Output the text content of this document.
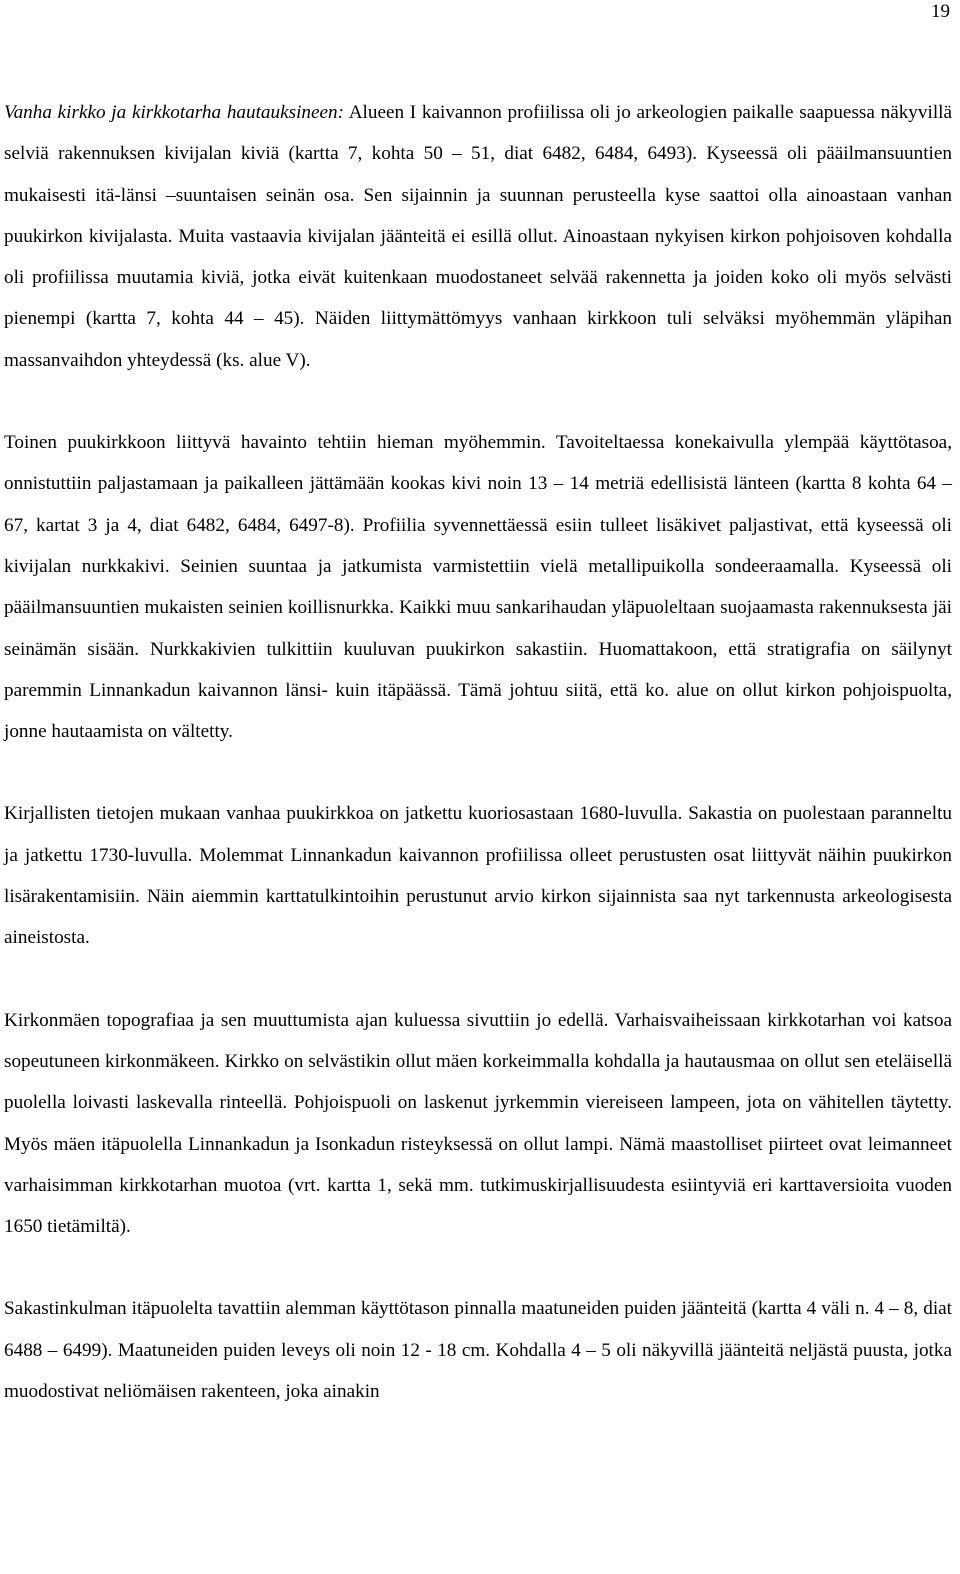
19

Vanha kirkko ja kirkkotarha hautauksineen: Alueen I kaivannon profiilissa oli jo arkeologien paikalle saapuessa näkyvillä selviä rakennuksen kivijalan kiviä (kartta 7, kohta 50 – 51, diat 6482, 6484, 6493). Kyseessä oli pääilmansuuntien mukaisesti itä-länsi –suuntaisen seinän osa. Sen sijainnin ja suunnan perusteella kyse saattoi olla ainoastaan vanhan puukirkon kivijalasta. Muita vastaavia kivijalan jäänteitä ei esillä ollut. Ainoastaan nykyisen kirkon pohjoisoven kohdalla oli profiilissa muutamia kiviä, jotka eivät kuitenkaan muodostaneet selvää rakennetta ja joiden koko oli myös selvästi pienempi (kartta 7, kohta 44 – 45). Näiden liittymättömyys vanhaan kirkkoon tuli selväksi myöhemmän yläpihan massanvaihdon yhteydessä (ks. alue V).

Toinen puukirkkoon liittyvä havainto tehtiin hieman myöhemmin. Tavoiteltaessa konekaivulla ylempää käyttötasoa, onnistuttiin paljastamaan ja paikalleen jättämään kookas kivi noin 13 – 14 metriä edellisistä länteen (kartta 8 kohta 64 – 67, kartat 3 ja 4, diat 6482, 6484, 6497-8). Profiilia syvennettäessä esiin tulleet lisäkivet paljastivat, että kyseessä oli kivijalan nurkkakivi. Seinien suuntaa ja jatkumista varmistettiin vielä metallipuikolla sondeeraamalla. Kyseessä oli pääilmansuuntien mukaisten seinien koillisnurkka. Kaikki muu sankarihaudan yläpuoleltaan suojaamasta rakennuksesta jäi seinämän sisään. Nurkkakivien tulkittiin kuuluvan puukirkon sakastiin. Huomattakoon, että stratigrafia on säilynyt paremmin Linnankadun kaivannon länsi- kuin itäpäässä. Tämä johtuu siitä, että ko. alue on ollut kirkon pohjoispuolta, jonne hautaamista on vältetty.

Kirjallisten tietojen mukaan vanhaa puukirkkoa on jatkettu kuoriosastaan 1680-luvulla. Sakastia on puolestaan paranneltu ja jatkettu 1730-luvulla. Molemmat Linnankadun kaivannon profiilissa olleet perustusten osat liittyvät näihin puukirkon lisärakentamisiin. Näin aiemmin karttatulkintoihin perustunut arvio kirkon sijainnista saa nyt tarkennusta arkeologisesta aineistosta.

Kirkonmäen topografiaa ja sen muuttumista ajan kuluessa sivuttiin jo edellä. Varhaisvaiheissaan kirkkotarhan voi katsoa sopeutuneen kirkonmäkeen. Kirkko on selvästikin ollut mäen korkeimmalla kohdalla ja hautausmaa on ollut sen eteläisellä puolella loivasti laskevalla rinteellä. Pohjoispuoli on laskenut jyrkemmin viereiseen lampeen, jota on vähitellen täytetty. Myös mäen itäpuolella Linnankadun ja Isonkadun risteyksessä on ollut lampi. Nämä maastolliset piirteet ovat leimanneet varhaisimman kirkkotarhan muotoa (vrt. kartta 1, sekä mm. tutkimuskirjallisuudesta esiintyviä eri karttaversioita vuoden 1650 tietämiltä).

Sakastinkulman itäpuolelta tavattiin alemman käyttötason pinnalla maatuneiden puiden jäänteitä (kartta 4 väli n. 4 – 8, diat 6488 – 6499). Maatuneiden puiden leveys oli noin 12 - 18 cm. Kohdalla 4 – 5 oli näkyvillä jäänteitä neljästä puusta, jotka muodostivat neliömäisen rakenteen, joka ainakin
